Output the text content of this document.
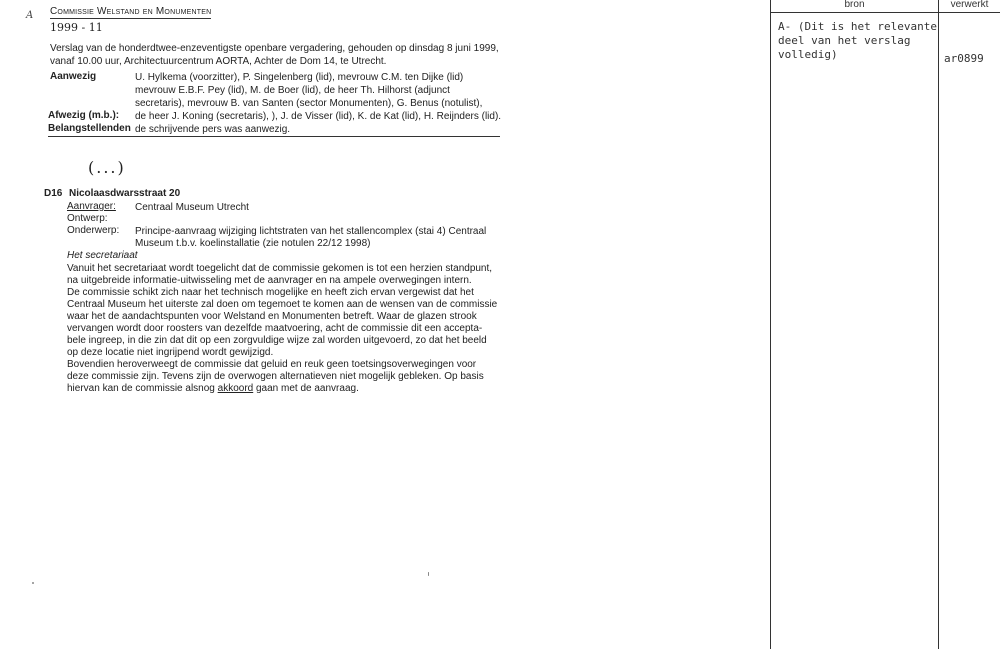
A Commissie Welstand en Monumenten
1999 - 11
Verslag van de honderdtwee-enzeventigste openbare vergadering, gehouden op dinsdag 8 juni 1999, vanaf 10.00 uur, Architectuurcentrum AORTA, Achter de Dom 14, te Utrecht.
Aanwezig	U. Hylkema (voorzitter), P. Singelenberg (lid), mevrouw C.M. ten Dijke (lid)
mevrouw E.B.F. Pey (lid), M. de Boer (lid), de heer Th. Hilhorst (adjunct
secretaris), mevrouw B. van Santen (sector Monumenten), G. Benus (notulist),
Afwezig (m.b.): de heer J. Koning (secretaris), ), J. de Visser (lid), K. de Kat (lid), H. Reijnders (lid).
Belangstellenden de schrijvende pers was aanwezig.
(...)
D16 Nicolaasdwarsstraat 20
Aanvrager: Centraal Museum Utrecht
Ontwerp:
Onderwerp: Principe-aanvraag wijziging lichtstraten van het stallencomplex (stai 4) Centraal
Museum t.b.v. koelinstallatie (zie notulen 22/12 1998)
Het secretariaat

Vanuit het secretariaat wordt toegelicht dat de commissie gekomen is tot een herzien standpunt,

na uitgebreide informatie-uitwisseling met de aanvrager en na ampele overwegingen intern.

De commissie schikt zich naar het technisch mogelijke en heeft zich ervan vergewist dat het

Centraal Museum het uiterste zal doen om tegemoet te komen aan de wensen van de commissie

waar het de aandachtspunten voor Welstand en Monumenten betreft. Waar de glazen strook

vervangen wordt door roosters van dezelfde maatvoering, acht de commissie dit een accepta-

bele ingreep, in die zin dat dit op een zorgvuldige wijze zal worden uitgevoerd, zo dat het beeld

op deze locatie niet ingrijpend wordt gewijzigd.

Bovendien heroverweegt de commissie dat geluid en reuk geen toetsingsoverwegingen voor

deze commissie zijn. Tevens zijn de overwogen alternatieven niet mogelijk gebleken. Op basis

hiervan kan de commissie alsnog akkoord gaan met de aanvraag.

bron	verwerkt
A- (Dit is het relevante deel van het verslag volledig)	ar0899
